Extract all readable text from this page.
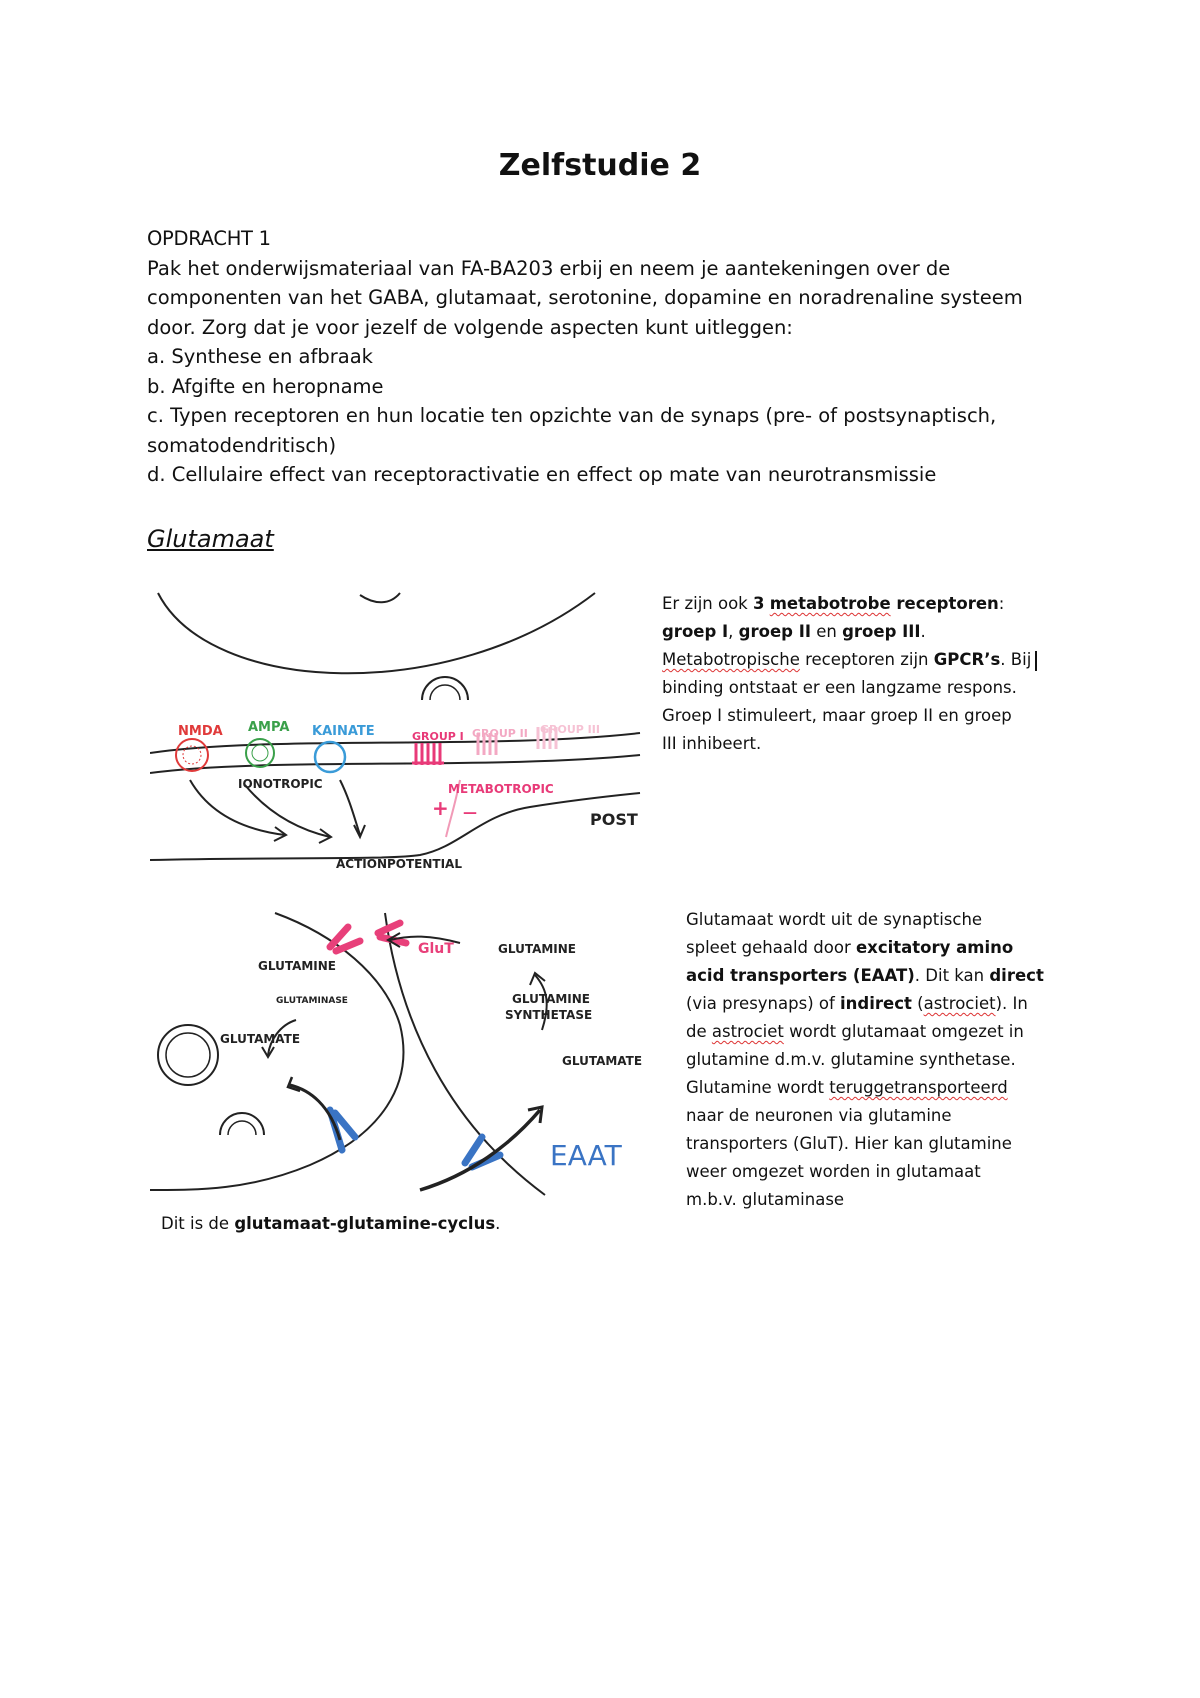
Zelfstudie 2
OPDRACHT 1
Pak het onderwijsmateriaal van FA-BA203 erbij en neem je aantekeningen over de
componenten van het GABA, glutamaat, serotonine, dopamine en noradrenaline systeem
door. Zorg dat je voor jezelf de volgende aspecten kunt uitleggen:
a. Synthese en afbraak
b. Afgifte en heropname
c. Typen receptoren en hun locatie ten opzichte van de synaps (pre- of postsynaptisch,
somatodendritisch)
d. Cellulaire effect van receptoractivatie en effect op mate van neurotransmissie
Glutamaat
NMDA AMPA KAINATE	GROUP I GROUP II GROUP III
IONOTROPIC	METABOTROPIC
+ —	POST
ACTIONPOTENTIAL
Er zijn ook 3 metabotrobe receptoren:
groep I, groep II en groep III.
Metabotropische receptoren zijn GPCR’s. Bij
binding ontstaat er een langzame respons.
Groep I stimuleert, maar groep II en groep
III inhibeert.
GLUTAMINE
GLUTAMINASE
GLUTAMATE
GluT	GLUTAMINE
GLUTAMINE
SYNTHETASE
GLUTAMATE
EAAT
Glutamaat wordt uit de synaptische
spleet gehaald door excitatory amino
acid transporters (EAAT). Dit kan direct
(via presynaps) of indirect (astrociet). In
de astrociet wordt glutamaat omgezet in
glutamine d.m.v. glutamine synthetase.
Glutamine wordt teruggetransporteerd
naar de neuronen via glutamine
transporters (GluT). Hier kan glutamine
weer omgezet worden in glutamaat
m.b.v. glutaminase
Dit is de glutamaat-glutamine-cyclus.
